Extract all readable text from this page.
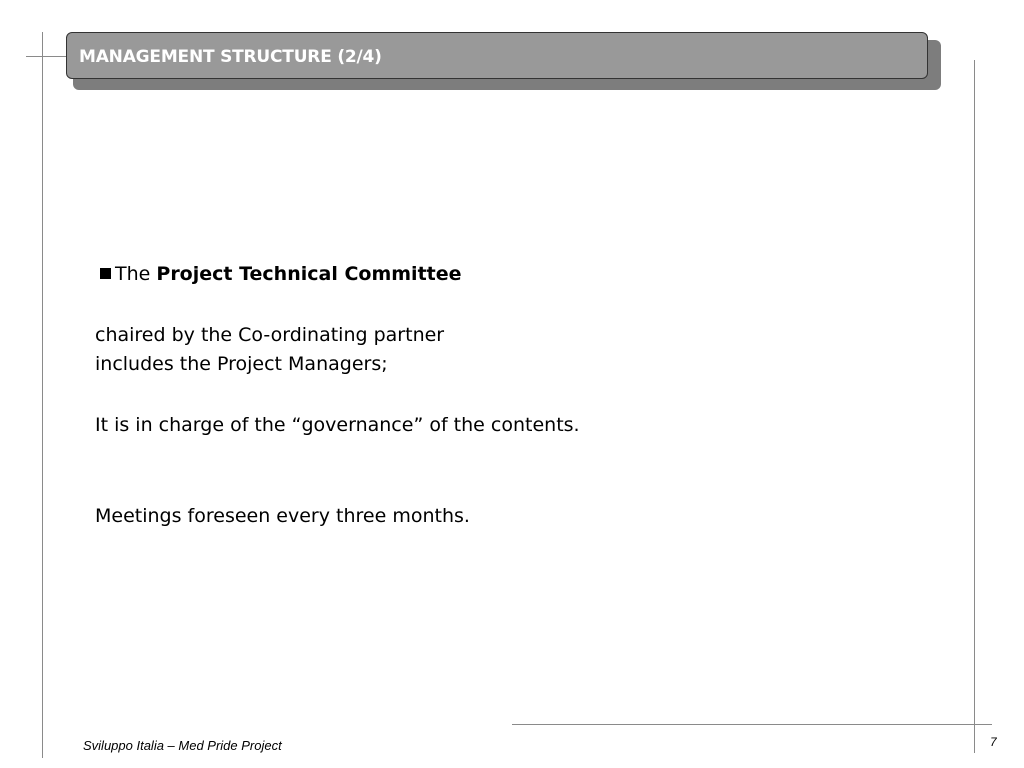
MANAGEMENT STRUCTURE (2/4)
The Project Technical Committee
chaired by the Co-ordinating partner
includes the Project Managers;
It is in charge of the “governance” of the contents.
Meetings foreseen every three months.
Sviluppo Italia – Med Pride Project	7
